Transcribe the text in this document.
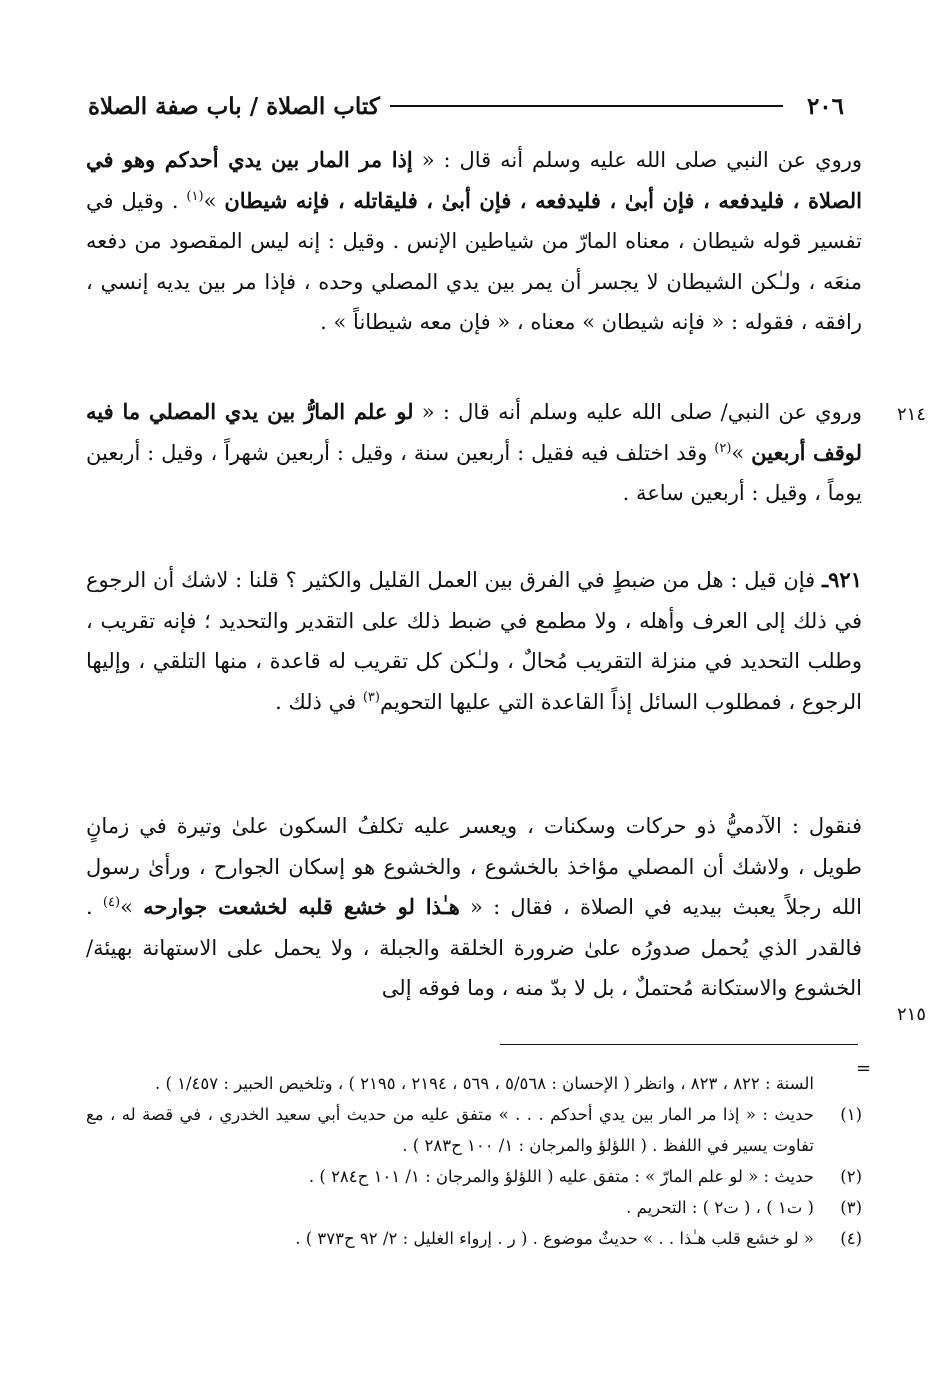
٢٠٦
كتاب الصلاة / باب صفة الصلاة
وروي عن النبي صلى الله عليه وسلم أنه قال : « إذا مر المار بين يدي أحدكم وهو في الصلاة ، فليدفعه ، فإن أبىٰ ، فليدفعه ، فإن أبىٰ ، فليقاتله ، فإنه شيطان »$^{(١)}$ . وقيل في تفسير قوله شيطان ، معناه المارّ من شياطين الإنس . وقيل : إنه ليس المقصود من دفعه منعَه ، ولـٰكن الشيطان لا يجسر أن يمر بين يدي المصلي وحده ، فإذا مر بين يديه إنسي ، رافقه ، فقوله : « فإنه شيطان » معناه ، « فإن معه شيطاناً » .
٢١٤
وروي عن النبي/ صلى الله عليه وسلم أنه قال : « لو علم المارُّ بين يدي المصلي ما فيه لوقف أربعين »$^{(٢)}$ وقد اختلف فيه فقيل : أربعين سنة ، وقيل : أربعين شهراً ، وقيل : أربعين يوماً ، وقيل : أربعين ساعة .
٩٢١ـ فإن قيل : هل من ضبطٍ في الفرق بين العمل القليل والكثير ؟ قلنا : لاشك أن الرجوع في ذلك إلى العرف وأهله ، ولا مطمع في ضبط ذلك على التقدير والتحديد ؛ فإنه تقريب ، وطلب التحديد في منزلة التقريب مُحالٌ ، ولـٰكن كل تقريب له قاعدة ، منها التلقي ، وإليها الرجوع ، فمطلوب السائل إذاً القاعدة التي عليها التحويم$^{(٣)}$ في ذلك .
٢١٥
فنقول : الآدميُّ ذو حركات وسكنات ، ويعسر عليه تكلفُ السكون علىٰ وتيرة في زمانٍ طويل ، ولاشك أن المصلي مؤاخذ بالخشوع ، والخشوع هو إسكان الجوارح ، ورأىٰ رسول الله رجلاً يعبث بيديه في الصلاة ، فقال : « هـٰذا لو خشع قلبه لخشعت جوارحه »$^{(٤)}$ . فالقدر الذي يُحمل صدورُه علىٰ ضرورة الخلقة والجبلة ، ولا يحمل على الاستهانة بهيئة/ الخشوع والاستكانة مُحتملٌ ، بل لا بدّ منه ، وما فوقه إلى
=
السنة : ٨٢٢ ، ٨٢٣ ، وانظر ( الإحسان : ٥/٥٦٨ ، ٥٦٩ ، ٢١٩٤ ، ٢١٩٥ ) ، وتلخيص الحبير : ١/٤٥٧ ) .
(١)
حديث : « إذا مر المار بين يدي أحدكم . . . » متفق عليه من حديث أبي سعيد الخدري ، في قصة له ، مع تفاوت يسير في اللفظ . ( اللؤلؤ والمرجان : ١/ ١٠٠ ح٢٨٣ ) .
(٢)
حديث : « لو علم المارّ » : متفق عليه ( اللؤلؤ والمرجان : ١/ ١٠١ ح٢٨٤ ) .
(٣)
( ت١ ) ، ( ت٢ ) : التحريم .
(٤)
« لو خشع قلب هـٰذا . . » حديثٌ موضوع . ( ر . إرواء الغليل : ٢/ ٩٢ ح٣٧٣ ) .
